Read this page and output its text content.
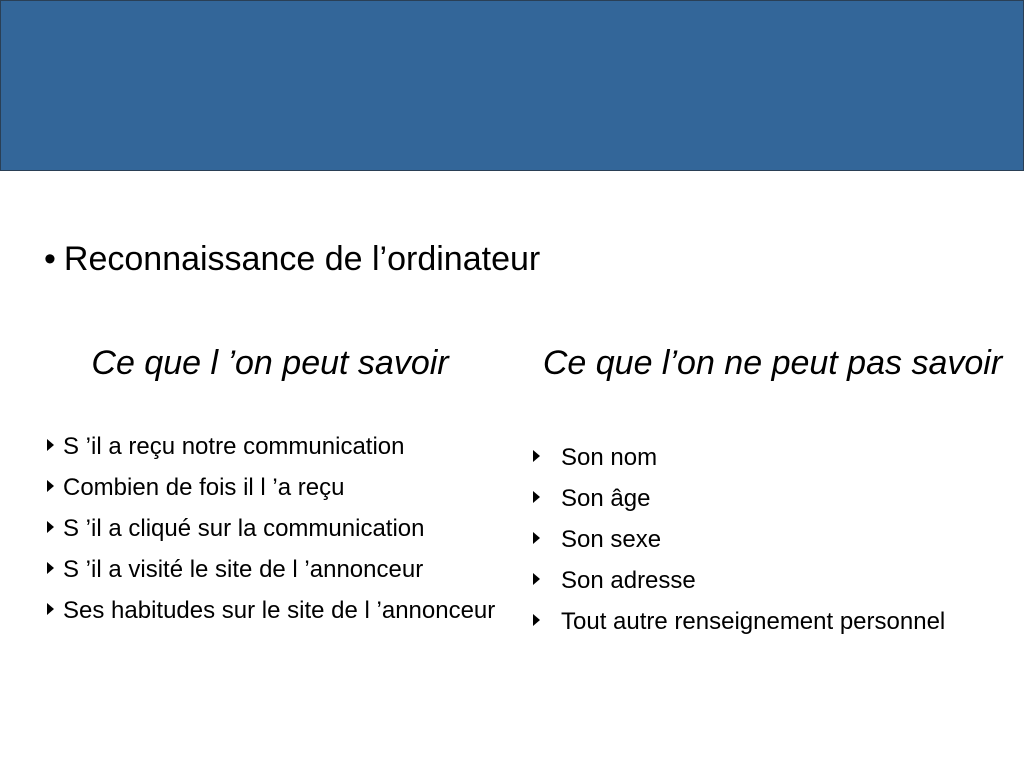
• Reconnaissance de l’ordinateur
Ce que l ’on peut savoir	Ce que l’on ne peut pas savoir
S ’il a reçu notre communication
Combien de fois il l ’a reçu
S ’il a cliqué sur la communication
S ’il a visité le site de l ’annonceur
Ses habitudes sur le site de l ’annonceur
Son nom
Son âge
Son sexe
Son adresse
Tout autre renseignement personnel
